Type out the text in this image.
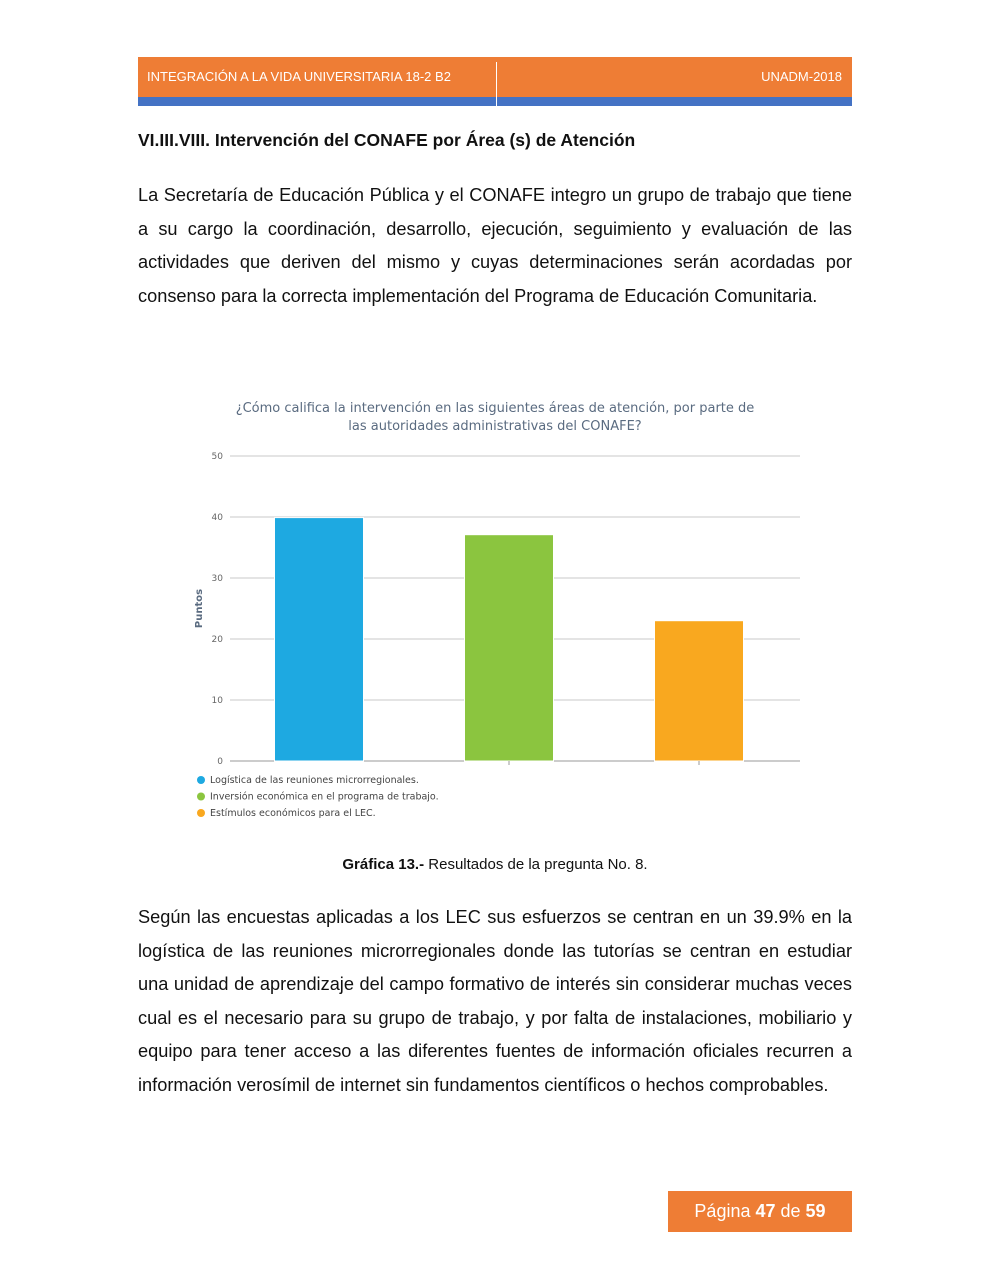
INTEGRACIÓN A LA VIDA UNIVERSITARIA 18-2 B2	UNADM-2018
VI.III.VIII. Intervención del CONAFE por Área (s) de Atención

La Secretaría de Educación Pública y el CONAFE integro un grupo de trabajo que tiene a su cargo la coordinación, desarrollo, ejecución, seguimiento y evaluación de las actividades que deriven del mismo y cuyas determinaciones serán acordadas por consenso para la correcta implementación del Programa de Educación Comunitaria.

¿Cómo califica la intervención en las siguientes áreas de atención, por parte de
las autoridades administrativas del CONAFE?
0
10
20
30
40
50
Puntos
Logística de las reuniones microrregionales.
Inversión económica en el programa de trabajo.
Estímulos económicos para el LEC.
Gráfica 13.- Resultados de la pregunta No. 8.

Según las encuestas aplicadas a los LEC sus esfuerzos se centran en un 39.9% en la logística de las reuniones microrregionales donde las tutorías se centran en estudiar una unidad de aprendizaje del campo formativo de interés sin considerar muchas veces cual es el necesario para su grupo de trabajo, y por falta de instalaciones, mobiliario y equipo para tener acceso a las diferentes fuentes de información oficiales recurren a información verosímil de internet sin fundamentos científicos o hechos comprobables.

Página 47 de 59
